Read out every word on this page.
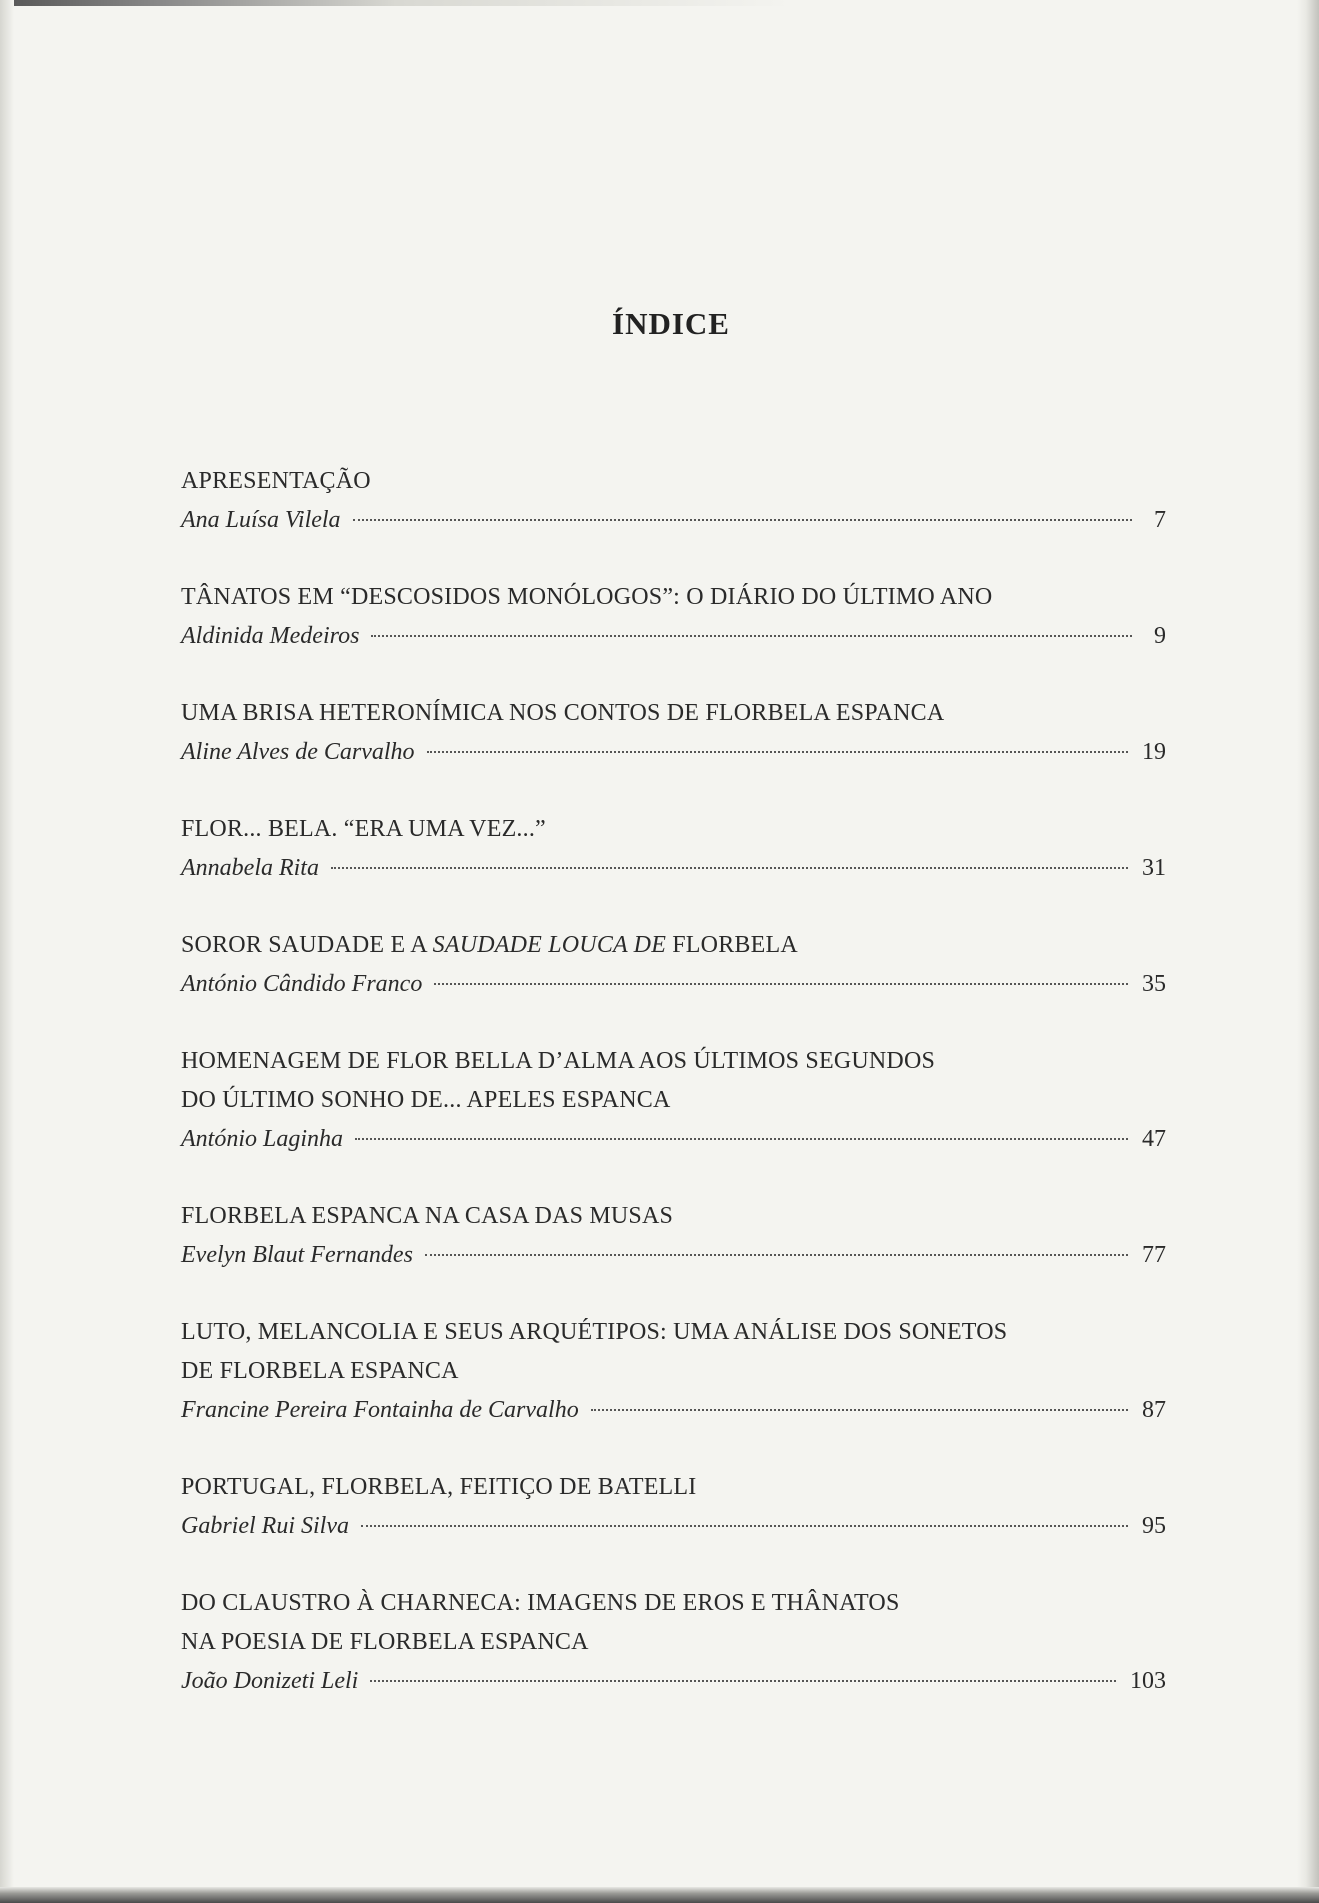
ÍNDICE
APRESENTAÇÃO
Ana Luísa Vilela	7
TÂNATOS EM “DESCOSIDOS MONÓLOGOS”: O DIÁRIO DO ÚLTIMO ANO
Aldinida Medeiros	9
UMA BRISA HETERONÍMICA NOS CONTOS DE FLORBELA ESPANCA
Aline Alves de Carvalho	19
FLOR... BELA. “ERA UMA VEZ...”
Annabela Rita	31
SOROR SAUDADE E A SAUDADE LOUCA DE FLORBELA
António Cândido Franco	35
HOMENAGEM DE FLOR BELLA D’ALMA AOS ÚLTIMOS SEGUNDOS
DO ÚLTIMO SONHO DE... APELES ESPANCA
António Laginha	47
FLORBELA ESPANCA NA CASA DAS MUSAS
Evelyn Blaut Fernandes	77
LUTO, MELANCOLIA E SEUS ARQUÉTIPOS: UMA ANÁLISE DOS SONETOS
DE FLORBELA ESPANCA
Francine Pereira Fontainha de Carvalho	87
PORTUGAL, FLORBELA, FEITIÇO DE BATELLI
Gabriel Rui Silva	95
DO CLAUSTRO À CHARNECA: IMAGENS DE EROS E THÂNATOS
NA POESIA DE FLORBELA ESPANCA
João Donizeti Leli	103
